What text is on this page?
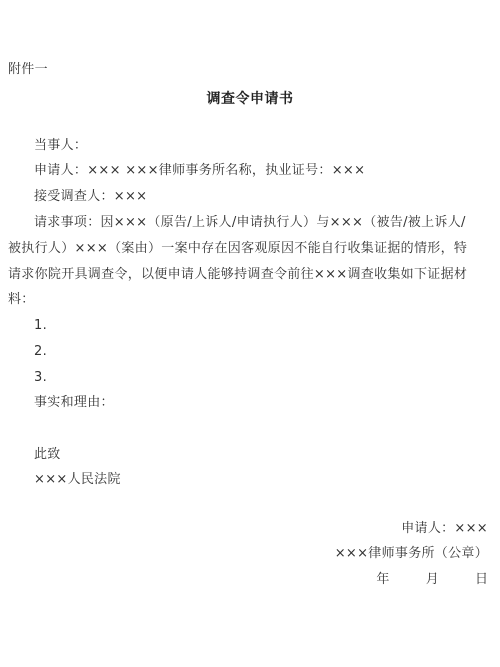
附件一
调查令申请书
当事人：
申请人：××× ×××律师事务所名称，执业证号：×××
接受调查人：×××
请求事项：因×××（原告/上诉人/申请执行人）与×××（被告/被上诉人/
被执行人）×××（案由）一案中存在因客观原因不能自行收集证据的情形，特
请求你院开具调查令，以便申请人能够持调查令前往×××调查收集如下证据材
料：
1.
2.
3.
事实和理由：
此致
×××人民法院
申请人：×××
×××律师事务所（公章）
年	月	日
